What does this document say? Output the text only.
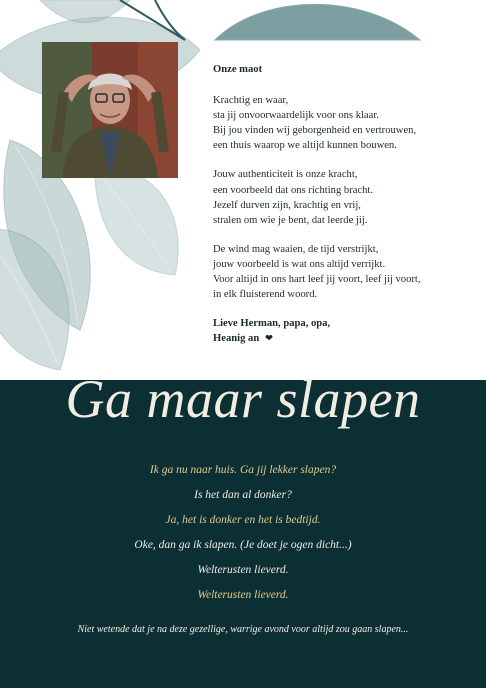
Onze maot
Krachtig en waar,
sta jij onvoorwaardelijk voor ons klaar.
Bij jou vinden wij geborgenheid en vertrouwen,
een thuis waarop we altijd kunnen bouwen.
Jouw authenticiteit is onze kracht,
een voorbeeld dat ons richting bracht.
Jezelf durven zijn, krachtig en vrij,
stralen om wie je bent, dat leerde jij.
De wind mag waaien, de tijd verstrijkt,
jouw voorbeeld is wat ons altijd verrijkt.
Voor altijd in ons hart leef jij voort, leef jij voort,
in elk fluisterend woord.
Lieve Herman, papa, opa,
Heanig an ❤
Ga maar slapen
Ik ga nu naar huis. Ga jij lekker slapen?
Is het dan al donker?
Ja, het is donker en het is bedtijd.
Oke, dan ga ik slapen. (Je doet je ogen dicht...)
Welterusten lieverd.
Welterusten lieverd.
Niet wetende dat je na deze gezellige, warrige avond voor altijd zou gaan slapen...
